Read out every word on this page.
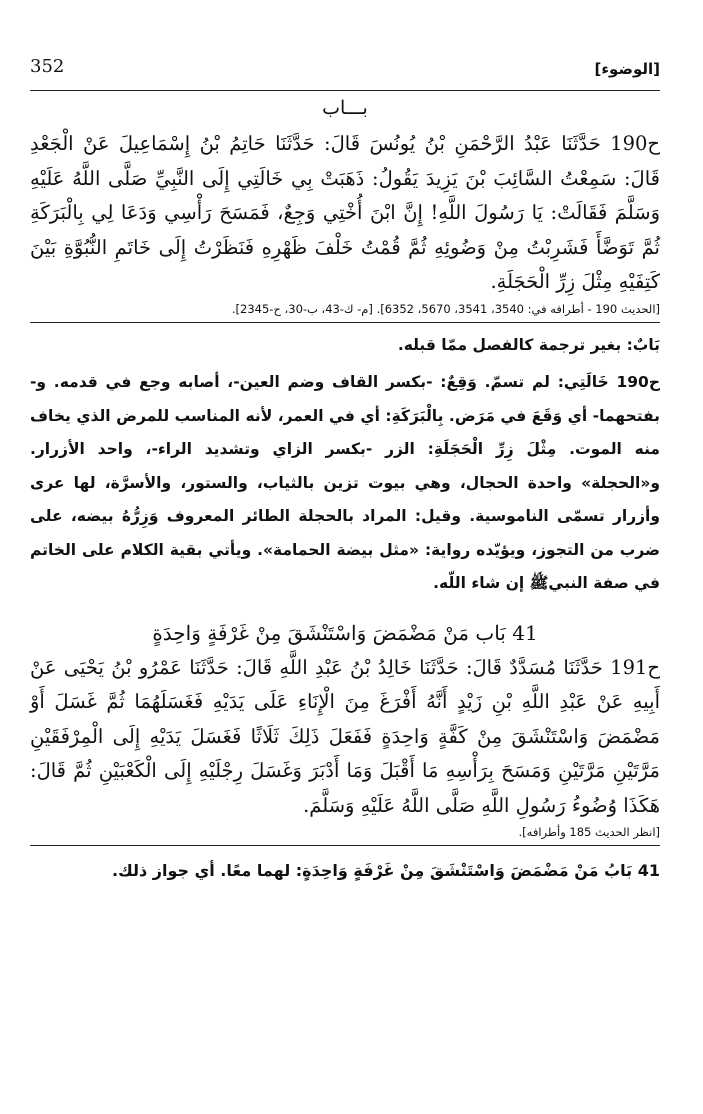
352	[الوضوء]
بـــاب
ح190 حَدَّثَنَا عَبْدُ الرَّحْمَنِ بْنُ يُونُسَ قَالَ: حَدَّثَنَا حَاتِمُ بْنُ إِسْمَاعِيلَ عَنْ الْجَعْدِ قَالَ: سَمِعْتُ السَّائِبَ بْنَ يَزِيدَ يَقُولُ: ذَهَبَتْ بِي خَالَتِي إِلَى النَّبِيِّ صَلَّى اللَّهُ عَلَيْهِ وَسَلَّمَ فَقَالَتْ: يَا رَسُولَ اللَّهِ! إِنَّ ابْنَ أُخْتِي وَجِعٌ، فَمَسَحَ رَأْسِي وَدَعَا لِي بِالْبَرَكَةِ ثُمَّ تَوَضَّأَ فَشَرِبْتُ مِنْ وَضُوئِهِ ثُمَّ قُمْتُ خَلْفَ ظَهْرِهِ فَنَظَرْتُ إِلَى خَاتَمِ النُّبُوَّةِ بَيْنَ كَتِفَيْهِ مِثْلَ زِرِّ الْحَجَلَةِ.
[الحديث 190 - أطرافه في: 3540، 3541، 5670، 6352]. [م- ك-43، ب-30، ح-2345].
بَابٌ: بغير ترجمة كالفصل ممّا قبله.
ح190 خَالَتِي: لم تسمّ. وَقِعٌ: -بكسر القاف وضم العين-، أصابه وجع في قدمه. و-بفتحهما- أي وَقَعَ في مَرَض. بِالْبَرَكَةِ: أي في العمر، لأنه المناسب للمرض الذي يخاف منه الموت. مِثْلَ زِرِّ الْحَجَلَةِ: الزر -بكسر الزاي وتشديد الراء-، واحد الأزرار. و«الحجلة» واحدة الحجال، وهي بيوت تزين بالثياب، والستور، والأسرَّة، لها عرى وأزرار تسمّى الناموسية. وقيل: المراد بالحجلة الطائر المعروف وَزِرُّهُ بيضه، على ضرب من التجوز، ويؤيّده رواية: «مثل بيضة الحمامة». ويأتي بقية الكلام على الخاتم في صفة النبيﷺ إن شاء اللّه.
41 بَاب مَنْ مَضْمَضَ وَاسْتَنْشَقَ مِنْ غَرْفَةٍ وَاحِدَةٍ
ح191 حَدَّثَنَا مُسَدَّدٌ قَالَ: حَدَّثَنَا خَالِدُ بْنُ عَبْدِ اللَّهِ قَالَ: حَدَّثَنَا عَمْرُو بْنُ يَحْيَى عَنْ أَبِيهِ عَنْ عَبْدِ اللَّهِ بْنِ زَيْدٍ أَنَّهُ أَفْرَغَ مِنَ الْإِنَاءِ عَلَى يَدَيْهِ فَغَسَلَهُمَا ثُمَّ غَسَلَ أَوْ مَضْمَضَ وَاسْتَنْشَقَ مِنْ كَفَّةٍ وَاحِدَةٍ فَفَعَلَ ذَلِكَ ثَلَاثًا فَغَسَلَ يَدَيْهِ إِلَى الْمِرْفَقَيْنِ مَرَّتَيْنِ مَرَّتَيْنِ وَمَسَحَ بِرَأْسِهِ مَا أَقْبَلَ وَمَا أَدْبَرَ وَغَسَلَ رِجْلَيْهِ إِلَى الْكَعْبَيْنِ ثُمَّ قَالَ: هَكَذَا وُضُوءُ رَسُولِ اللَّهِ صَلَّى اللَّهُ عَلَيْهِ وَسَلَّمَ.
[انظر الحديث 185 وأطرافه].
41 بَابُ مَنْ مَضْمَضَ وَاسْتَنْشَقَ مِنْ غَرْفَةٍ وَاحِدَةٍ: لهما معًا. أي جواز ذلك.
